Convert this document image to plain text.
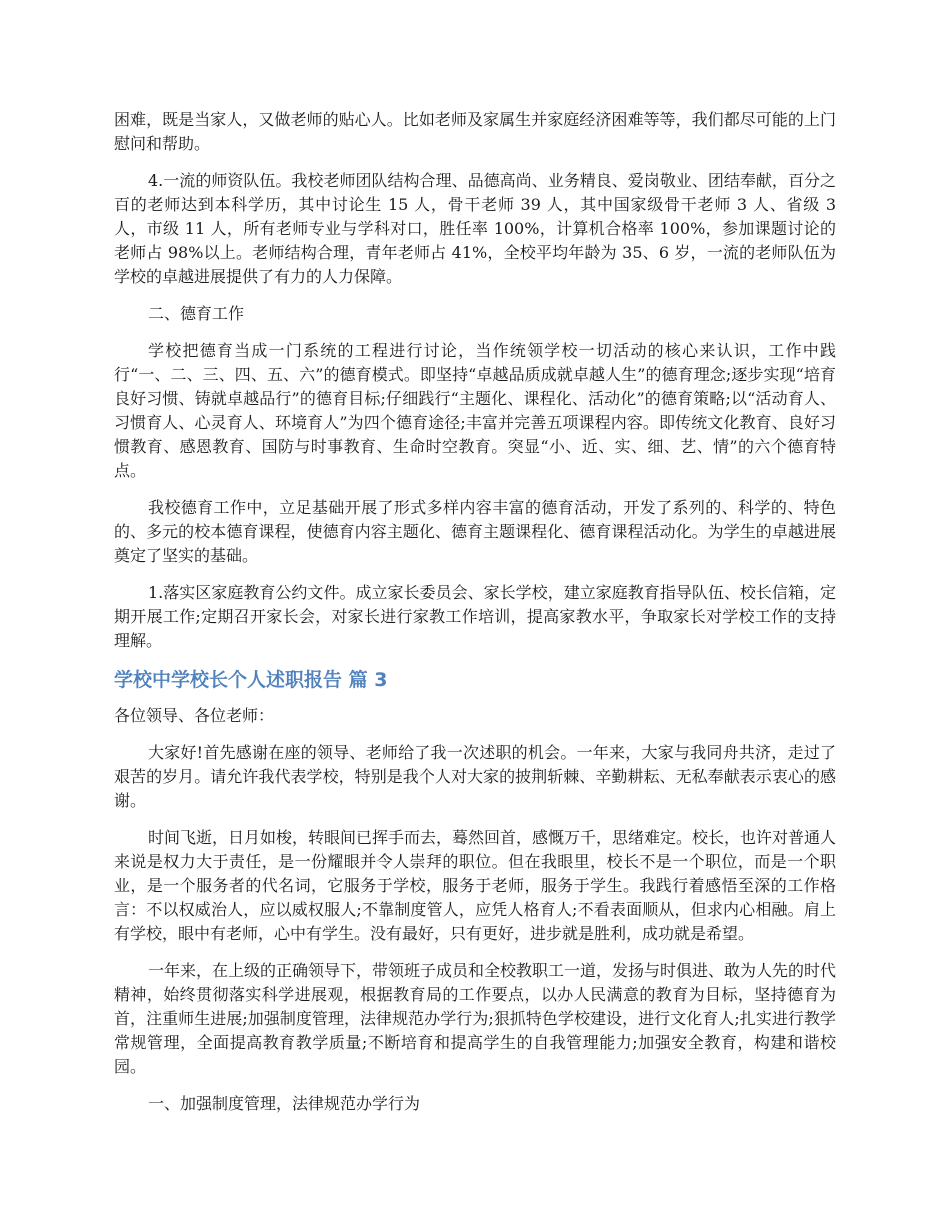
困难，既是当家人，又做老师的贴心人。比如老师及家属生并家庭经济困难等等，我们都尽可能的上门慰问和帮助。

4.一流的师资队伍。我校老师团队结构合理、品德高尚、业务精良、爱岗敬业、团结奉献，百分之百的老师达到本科学历，其中讨论生 15 人，骨干老师 39 人，其中国家级骨干老师 3 人、省级 3 人，市级 11 人，所有老师专业与学科对口，胜任率 100%，计算机合格率 100%，参加课题讨论的老师占 98%以上。老师结构合理，青年老师占 41%，全校平均年龄为 35、6 岁，一流的老师队伍为学校的卓越进展提供了有力的人力保障。

二、德育工作

学校把德育当成一门系统的工程进行讨论，当作统领学校一切活动的核心来认识，工作中践行“一、二、三、四、五、六”的德育模式。即坚持“卓越品质成就卓越人生”的德育理念;逐步实现“培育良好习惯、铸就卓越品行”的德育目标;仔细践行“主题化、课程化、活动化”的德育策略;以“活动育人、习惯育人、心灵育人、环境育人”为四个德育途径;丰富并完善五项课程内容。即传统文化教育、良好习惯教育、感恩教育、国防与时事教育、生命时空教育。突显“小、近、实、细、艺、情”的六个德育特点。

我校德育工作中，立足基础开展了形式多样内容丰富的德育活动，开发了系列的、科学的、特色的、多元的校本德育课程，使德育内容主题化、德育主题课程化、德育课程活动化。为学生的卓越进展奠定了坚实的基础。

1.落实区家庭教育公约文件。成立家长委员会、家长学校，建立家庭教育指导队伍、校长信箱，定期开展工作;定期召开家长会，对家长进行家教工作培训，提高家教水平，争取家长对学校工作的支持理解。

学校中学校长个人述职报告 篇 3

各位领导、各位老师：

大家好!首先感谢在座的领导、老师给了我一次述职的机会。一年来，大家与我同舟共济，走过了艰苦的岁月。请允许我代表学校，特别是我个人对大家的披荆斩棘、辛勤耕耘、无私奉献表示衷心的感谢。

时间飞逝，日月如梭，转眼间已挥手而去，蓦然回首，感慨万千，思绪难定。校长，也许对普通人来说是权力大于责任，是一份耀眼并令人崇拜的职位。但在我眼里，校长不是一个职位，而是一个职业，是一个服务者的代名词，它服务于学校，服务于老师，服务于学生。我践行着感悟至深的工作格言：不以权威治人，应以威权服人;不靠制度管人，应凭人格育人;不看表面顺从，但求内心相融。肩上有学校，眼中有老师，心中有学生。没有最好，只有更好，进步就是胜利，成功就是希望。

一年来，在上级的正确领导下，带领班子成员和全校教职工一道，发扬与时俱进、敢为人先的时代精神，始终贯彻落实科学进展观，根据教育局的工作要点，以办人民满意的教育为目标，坚持德育为首，注重师生进展;加强制度管理，法律规范办学行为;狠抓特色学校建设，进行文化育人;扎实进行教学常规管理，全面提高教育教学质量;不断培育和提高学生的自我管理能力;加强安全教育，构建和谐校园。

一、加强制度管理，法律规范办学行为
